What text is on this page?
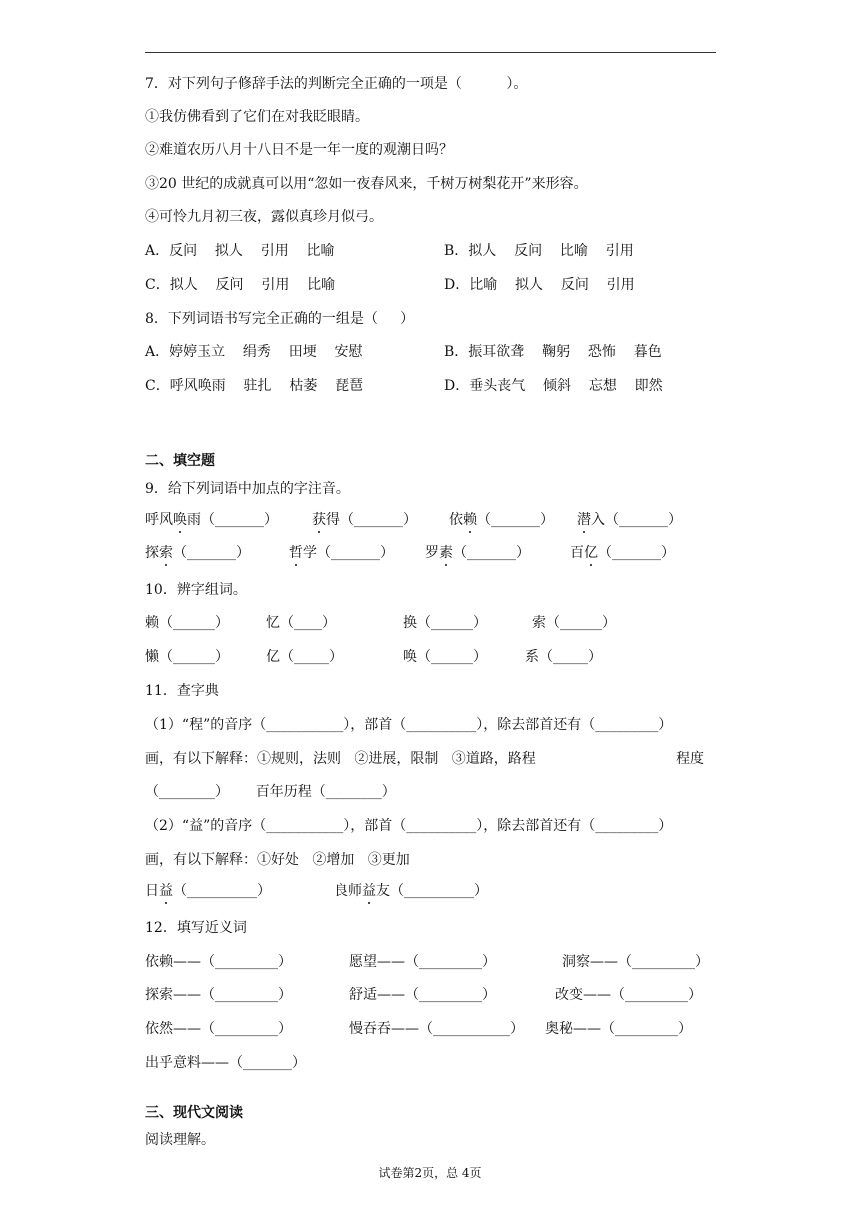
7．对下列句子修辞手法的判断完全正确的一项是（          ）。
①我仿佛看到了它们在对我眨眼睛。
②难道农历八月十八日不是一年一度的观潮日吗？
③20 世纪的成就真可以用“忽如一夜春风来，千树万树梨花开”来形容。
④可怜九月初三夜，露似真珍月似弓。
A．反问    拟人    引用    比喻	B．拟人    反问    比喻    引用
C．拟人    反问    引用    比喻	D．比喻    拟人    反问    引用
8．下列词语书写完全正确的一组是（     ）
A．婷婷玉立    绢秀    田埂    安慰	B．振耳欲聋    鞠躬    恐怖    暮色
C．呼风唤雨    驻扎    枯萎    琵琶	D．垂头丧气    倾斜    忘想    即然
二、填空题
9．给下列词语中加点的字注音。
呼风唤雨（_______） 获得（_______） 依赖（_______） 潜入（_______）
探索（_______）	哲学（_______） 罗素（_______）	百亿（_______）
10．辨字组词。
赖（______）	忆（____）	换（______）	索（______）
懒（______）	亿（_____）	唤（______）	系（_____）
11．查字典
（1）“程”的音序（___________），部首（__________），除去部首还有（_________）
画，有以下解释：①规则，法则   ②进展，限制   ③道路，路程	程度
（________）      百年历程（________）
（2）“益”的音序（___________），部首（__________），除去部首还有（_________）
画，有以下解释：①好处   ②增加   ③更加
日益（__________）	良师益友（__________）
12．填写近义词
依赖——（_________）	愿望——（_________）	洞察——（_________）
探索——（_________）	舒适——（_________）	改变——（_________）
依然——（_________）	慢吞吞——（___________） 奥秘——（_________）
出乎意料——（_______）
三、现代文阅读
阅读理解。
试卷第2页，总 4页
